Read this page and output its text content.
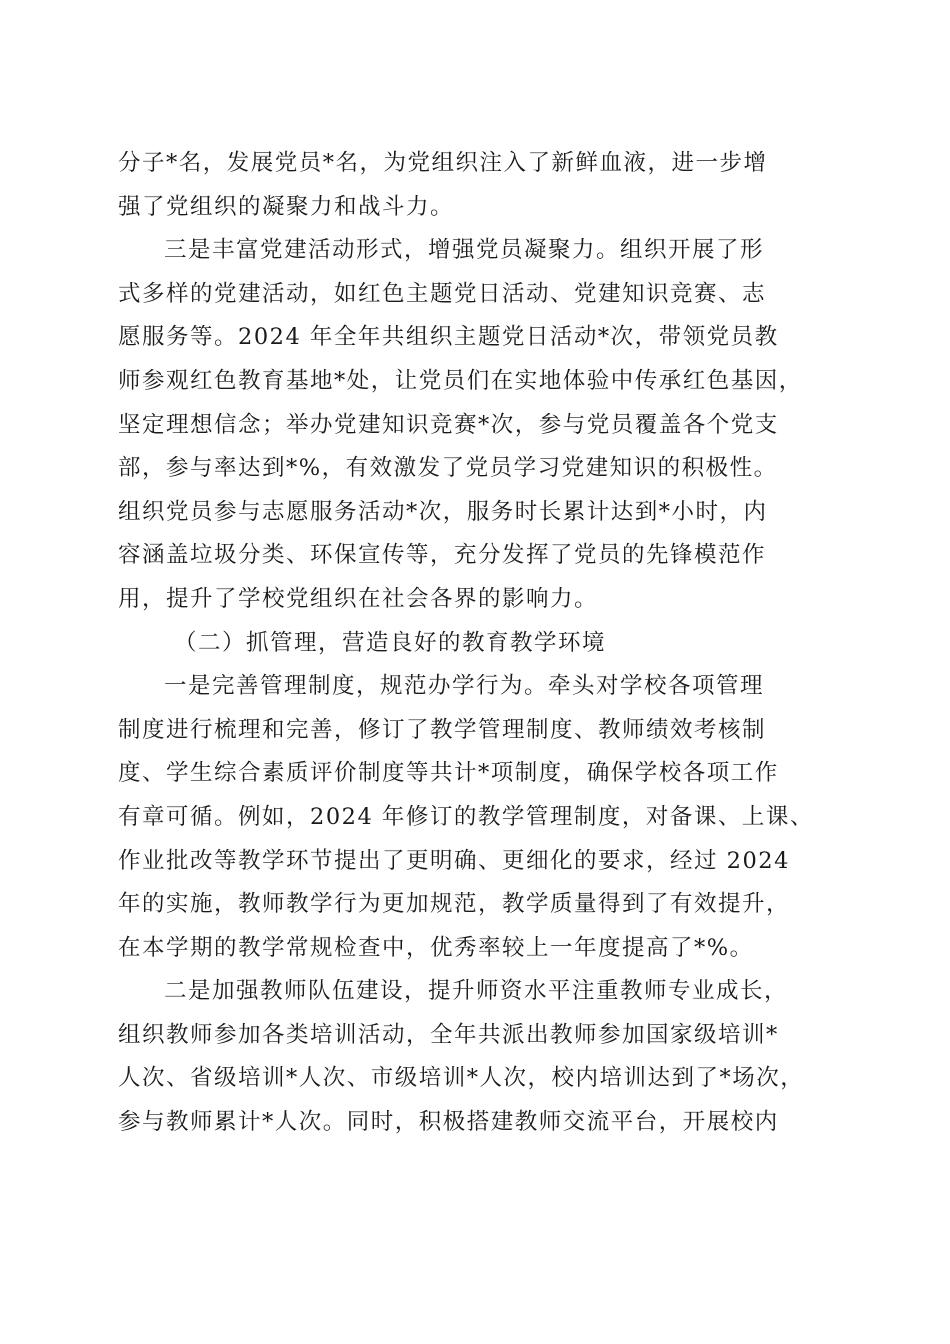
分子*名，发展党员*名，为党组织注入了新鲜血液，进一步增
强了党组织的凝聚力和战斗力。
三是丰富党建活动形式，增强党员凝聚力。组织开展了形
式多样的党建活动，如红色主题党日活动、党建知识竞赛、志
愿服务等。2024 年全年共组织主题党日活动*次，带领党员教
师参观红色教育基地*处，让党员们在实地体验中传承红色基因，
坚定理想信念；举办党建知识竞赛*次，参与党员覆盖各个党支
部，参与率达到*%，有效激发了党员学习党建知识的积极性。
组织党员参与志愿服务活动*次，服务时长累计达到*小时，内
容涵盖垃圾分类、环保宣传等，充分发挥了党员的先锋模范作
用，提升了学校党组织在社会各界的影响力。
（二）抓管理，营造良好的教育教学环境
一是完善管理制度，规范办学行为。牵头对学校各项管理
制度进行梳理和完善，修订了教学管理制度、教师绩效考核制
度、学生综合素质评价制度等共计*项制度，确保学校各项工作
有章可循。例如，2024 年修订的教学管理制度，对备课、上课、
作业批改等教学环节提出了更明确、更细化的要求，经过 2024
年的实施，教师教学行为更加规范，教学质量得到了有效提升，
在本学期的教学常规检查中，优秀率较上一年度提高了*%。
二是加强教师队伍建设，提升师资水平注重教师专业成长，
组织教师参加各类培训活动，全年共派出教师参加国家级培训*
人次、省级培训*人次、市级培训*人次，校内培训达到了*场次，
参与教师累计*人次。同时，积极搭建教师交流平台，开展校内
